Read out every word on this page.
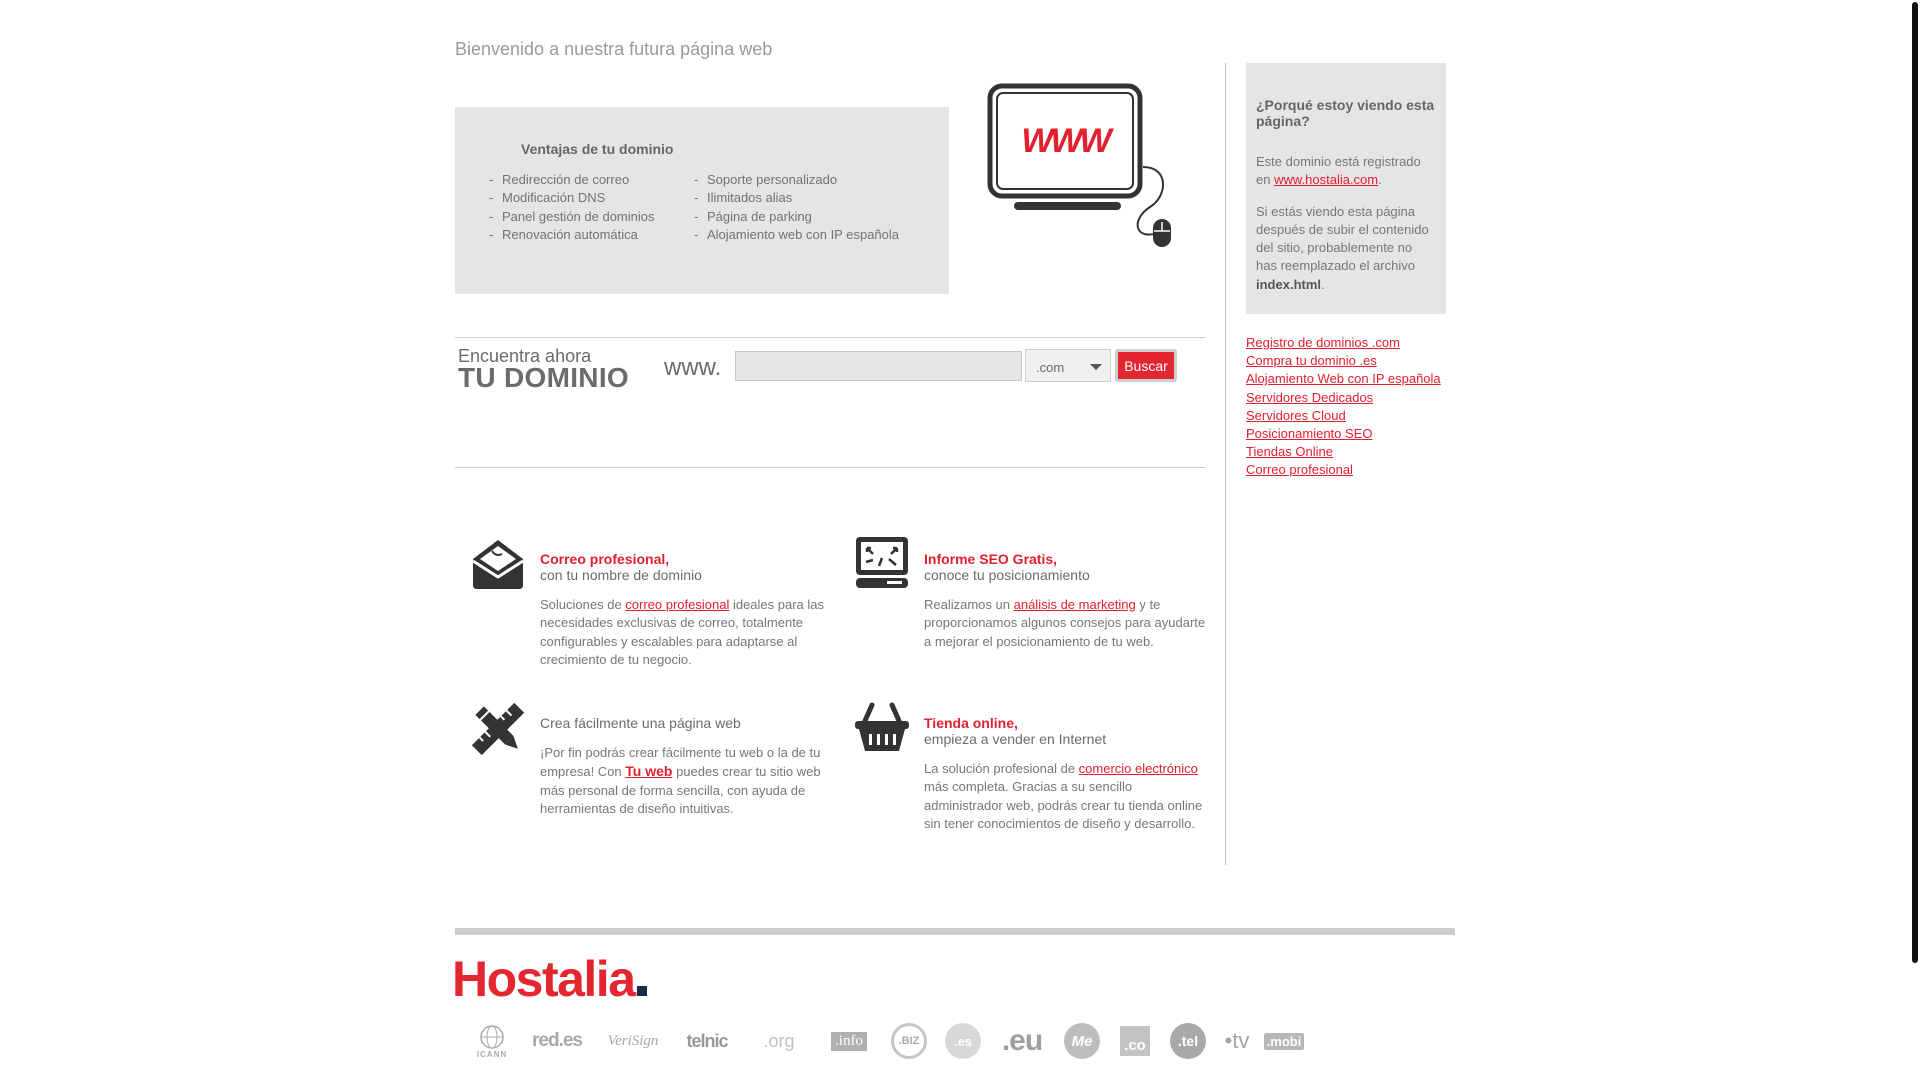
Bienvenido a nuestra futura página web
Ventajas de tu dominio
- Redirección de correo
- Modificación DNS
- Panel gestión de dominios
- Renovación automática
- Soporte personalizado
- Ilimitados alias
- Página de parking
- Alojamiento web con IP española
WWW
¿Porqué estoy viendo esta página?

Este dominio está registrado en www.hostalia.com.

Si estás viendo esta página después de subir el contenido del sitio, probablemente no has reemplazado el archivo index.html.

Registro de dominios .com
Compra tu dominio .es
Alojamiento Web con IP española
Servidores Dedicados
Servidores Cloud
Posicionamiento SEO
Tiendas Online
Correo profesional
Encuentra ahora
TU DOMINIO www.	.com	Buscar
Correo profesional,
con tu nombre de dominio

Soluciones de correo profesional ideales para las necesidades exclusivas de correo, totalmente configurables y escalables para adaptarse al crecimiento de tu negocio.

Informe SEO Gratis,
conoce tu posicionamiento

Realizamos un análisis de marketing y te proporcionamos algunos consejos para ayudarte a mejorar el posicionamiento de tu web.

Crea fácilmente una página web

¡Por fin podrás crear fácilmente tu web o la de tu empresa! Con Tu web puedes crear tu sitio web más personal de forma sencilla, con ayuda de herramientas de diseño intuitivas.

Tienda online,
empieza a vender en Internet

La solución profesional de comercio electrónico más completa. Gracias a su sencillo administrador web, podrás crear tu tienda online sin tener conocimientos de diseño y desarrollo.

Hostalia
ICANN
red.es	VeriSign	telnic	.org	.info	.BIZ	.es .eu	Me	.co	.tel	•tv	.mobi
